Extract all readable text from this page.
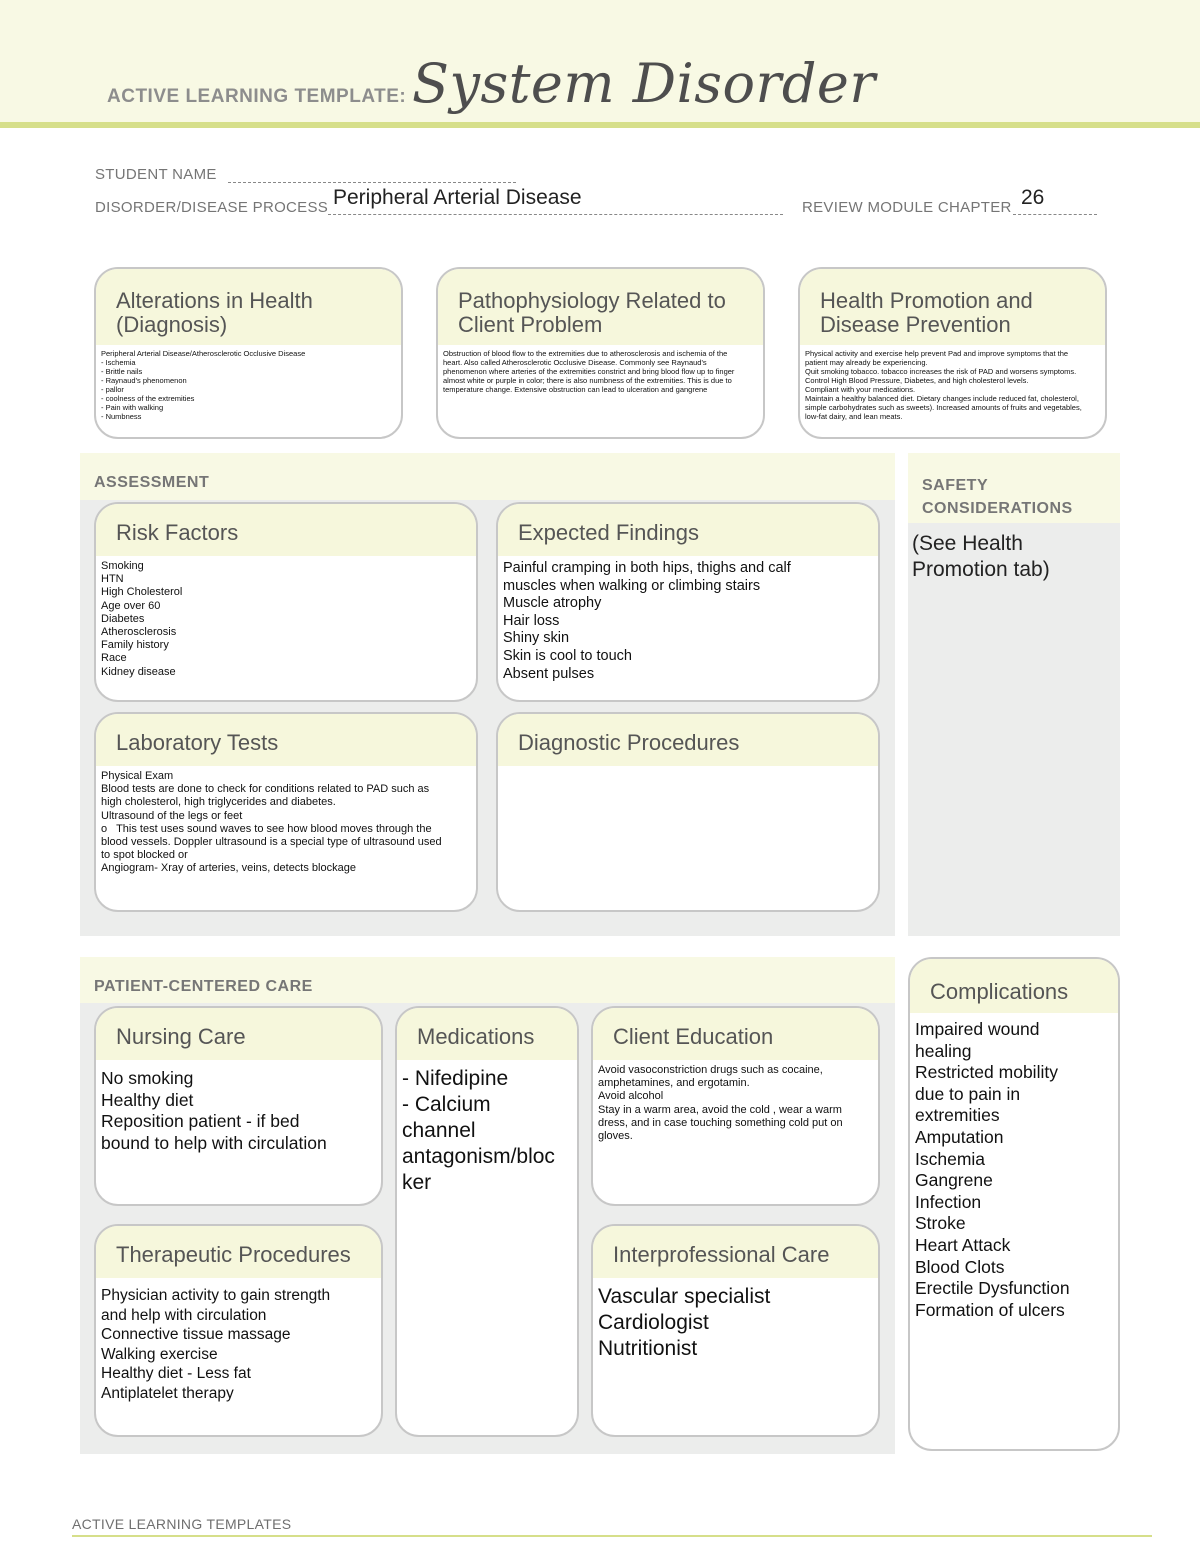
ACTIVE LEARNING TEMPLATE: System Disorder
STUDENT NAME
DISORDER/DISEASE PROCESS Peripheral Arterial Disease	REVIEW MODULE CHAPTER 26
Alterations in Health (Diagnosis)
Peripheral Arterial Disease/Atherosclerotic Occlusive Disease
- Ischemia
- Brittle nails
- Raynaud's phenomenon
- pallor
- coolness of the extremities
- Pain with walking
- Numbness
Pathophysiology Related to Client Problem
Obstruction of blood flow to the extremities due to atherosclerosis and ischemia of the
heart. Also called Atherosclerotic Occlusive Disease. Commonly see Raynaud's
phenomenon where arteries of the extremities constrict and bring blood flow up to finger
almost white or purple in color; there is also numbness of the extremities. This is due to
temperature change. Extensive obstruction can lead to ulceration and gangrene
Health Promotion and Disease Prevention
Physical activity and exercise help prevent Pad and improve symptoms that the
patient may already be experiencing.
Quit smoking tobacco. tobacco increases the risk of PAD and worsens symptoms.
Control High Blood Pressure, Diabetes, and high cholesterol levels.
Compliant with your medications.
Maintain a healthy balanced diet. Dietary changes include reduced fat, cholesterol,
simple carbohydrates such as sweets). Increased amounts of fruits and vegetables,
low-fat dairy, and lean meats.
ASSESSMENT
Risk Factors
Smoking
HTN
High Cholesterol
Age over 60
Diabetes
Atherosclerosis
Family history
Race
Kidney disease
Expected Findings
Painful cramping in both hips, thighs and calf
muscles when walking or climbing stairs
Muscle atrophy
Hair loss
Shiny skin
Skin is cool to touch
Absent pulses
Laboratory Tests
Physical Exam
Blood tests are done to check for conditions related to PAD such as
high cholesterol, high triglycerides and diabetes.
Ultrasound of the legs or feet
o   This test uses sound waves to see how blood moves through the
blood vessels. Doppler ultrasound is a special type of ultrasound used
to spot blocked or
Angiogram- Xray of arteries, veins, detects blockage
Diagnostic Procedures
SAFETY
CONSIDERATIONS
(See Health
Promotion tab)
PATIENT-CENTERED CARE
Nursing Care
No smoking
Healthy diet
Reposition patient - if bed
bound to help with circulation
Medications
- Nifedipine
- Calcium
channel
antagonism/bloc
ker
Client Education
Avoid vasoconstriction drugs such as cocaine,
amphetamines, and ergotamin.
Avoid alcohol
Stay in a warm area, avoid the cold , wear a warm
dress, and in case touching something cold put on
gloves.
Therapeutic Procedures
Physician activity to gain strength
and help with circulation
Connective tissue massage
Walking exercise
Healthy diet - Less fat
Antiplatelet therapy
Interprofessional Care
Vascular specialist
Cardiologist
Nutritionist
Complications
Impaired wound
healing
Restricted mobility
due to pain in
extremities
Amputation
Ischemia
Gangrene
Infection
Stroke
Heart Attack
Blood Clots
Erectile Dysfunction
Formation of ulcers
ACTIVE LEARNING TEMPLATES
